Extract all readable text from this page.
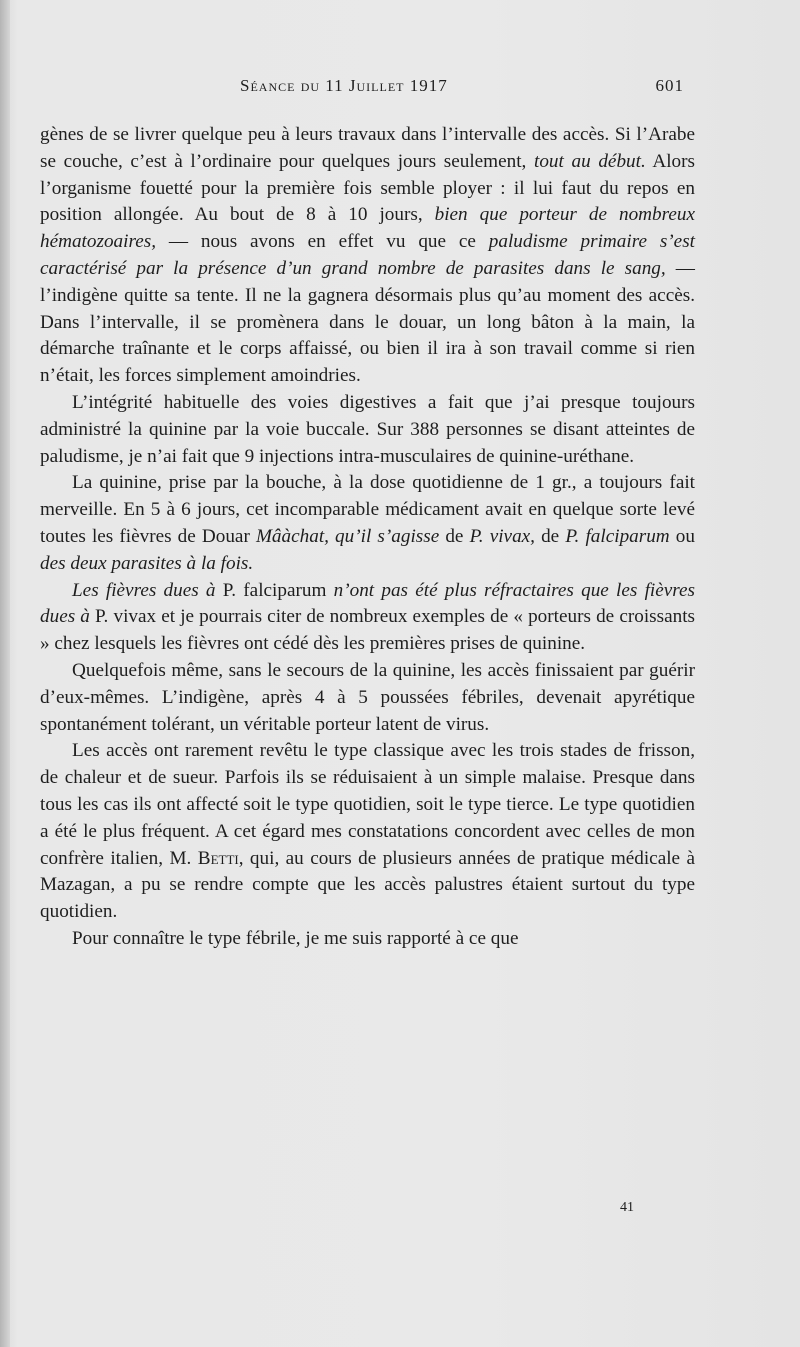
Séance du 11 Juillet 1917	601

gènes de se livrer quelque peu à leurs travaux dans l’intervalle des accès. Si l’Arabe se couche, c’est à l’ordinaire pour quelques jours seulement, tout au début. Alors l’organisme fouetté pour la première fois semble ployer : il lui faut du repos en position allongée. Au bout de 8 à 10 jours, bien que porteur de nombreux hématozoaires, — nous avons en effet vu que ce paludisme primaire s’est caractérisé par la présence d’un grand nombre de parasites dans le sang, — l’indigène quitte sa tente. Il ne la gagnera désormais plus qu’au moment des accès. Dans l’intervalle, il se promènera dans le douar, un long bâton à la main, la démarche traînante et le corps affaissé, ou bien il ira à son travail comme si rien n’était, les forces simplement amoindries.

L’intégrité habituelle des voies digestives a fait que j’ai presque toujours administré la quinine par la voie buccale. Sur 388 personnes se disant atteintes de paludisme, je n’ai fait que 9 injections intra-musculaires de quinine-uréthane.

La quinine, prise par la bouche, à la dose quotidienne de 1 gr., a toujours fait merveille. En 5 à 6 jours, cet incomparable médicament avait en quelque sorte levé toutes les fièvres de Douar Mâàchat, qu’il s’agisse de P. vivax, de P. falciparum ou des deux parasites à la fois.

Les fièvres dues à P. falciparum n’ont pas été plus réfractaires que les fièvres dues à P. vivax et je pourrais citer de nombreux exemples de « porteurs de croissants » chez lesquels les fièvres ont cédé dès les premières prises de quinine.

Quelquefois même, sans le secours de la quinine, les accès finissaient par guérir d’eux-mêmes. L’indigène, après 4 à 5 poussées fébriles, devenait apyrétique spontanément tolérant, un véritable porteur latent de virus.

Les accès ont rarement revêtu le type classique avec les trois stades de frisson, de chaleur et de sueur. Parfois ils se réduisaient à un simple malaise. Presque dans tous les cas ils ont affecté soit le type quotidien, soit le type tierce. Le type quotidien a été le plus fréquent. A cet égard mes constatations concordent avec celles de mon confrère italien, M. Betti, qui, au cours de plusieurs années de pratique médicale à Mazagan, a pu se rendre compte que les accès palustres étaient surtout du type quotidien.

Pour connaître le type fébrile, je me suis rapporté à ce que

41
